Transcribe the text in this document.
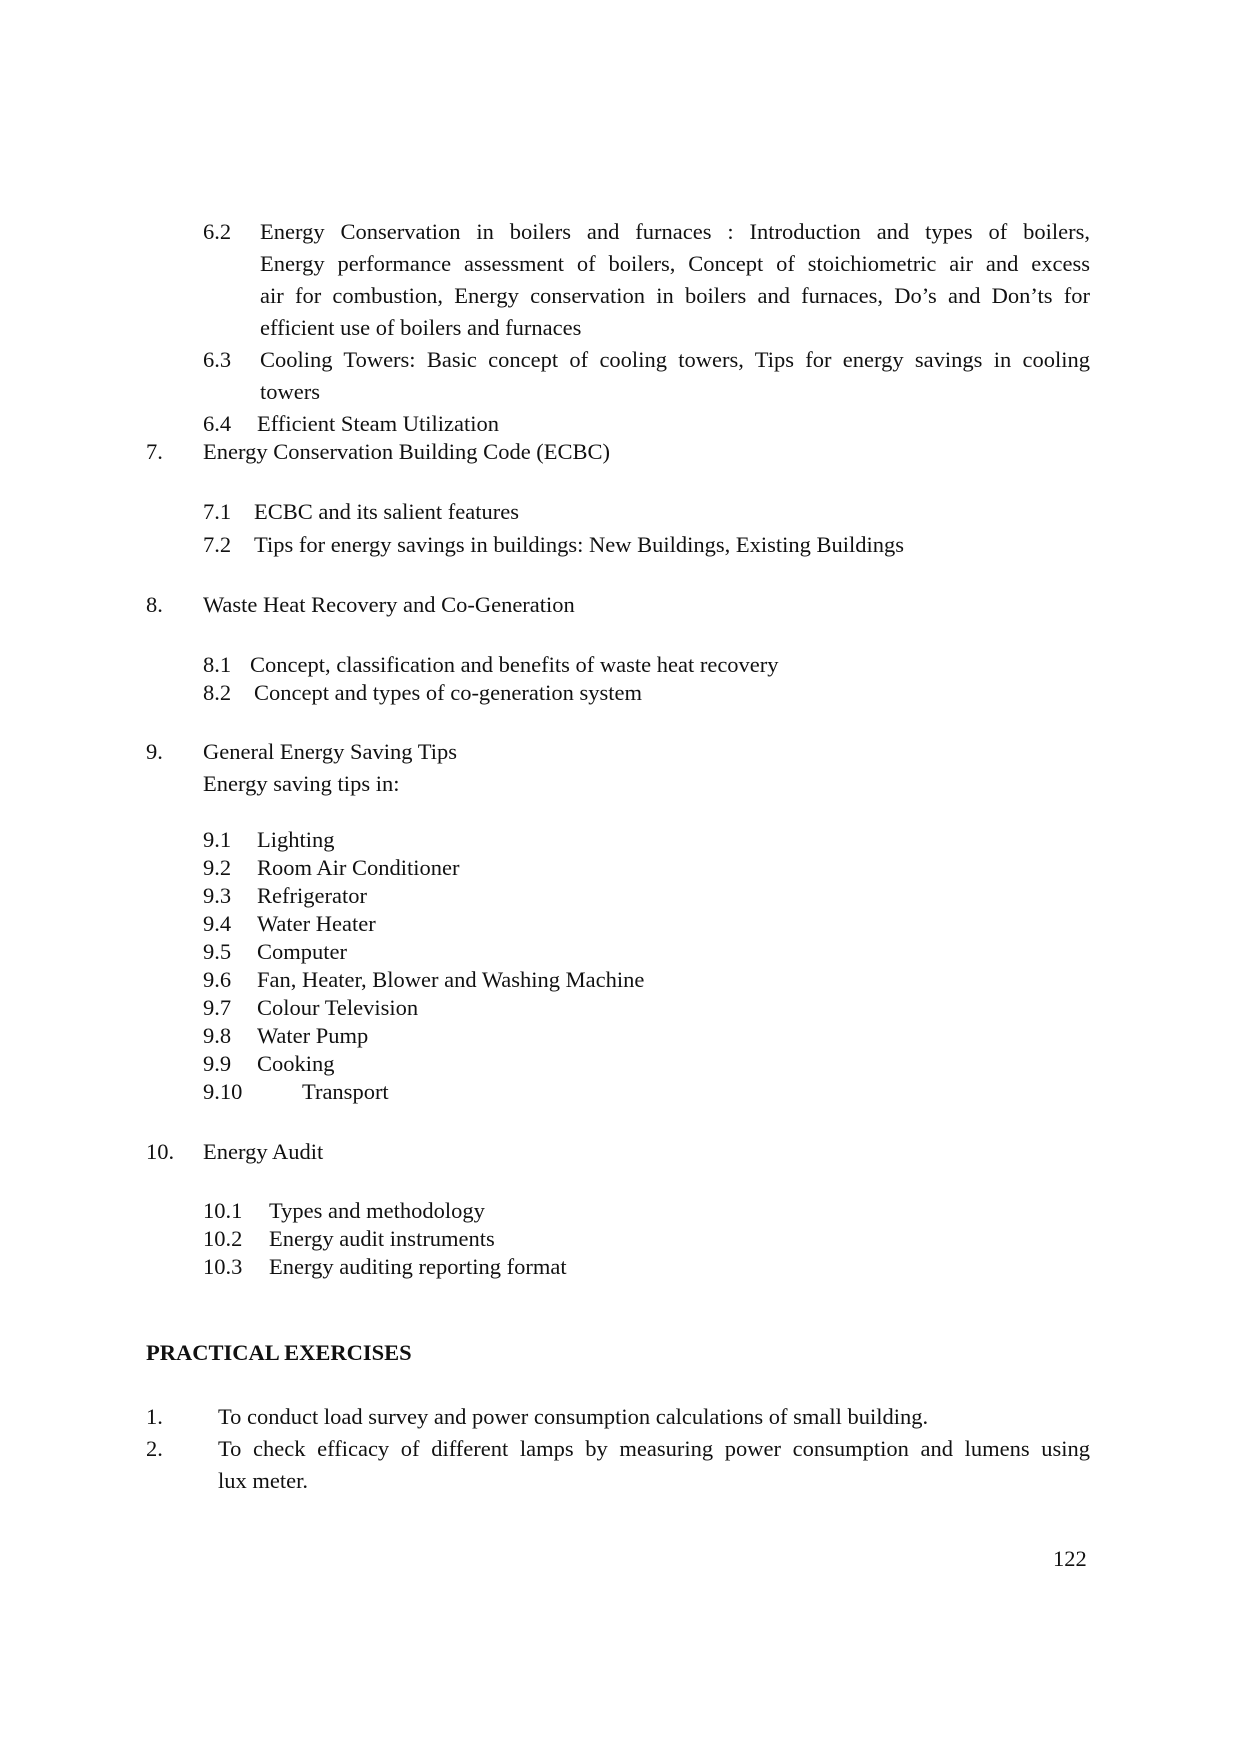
6.2 Energy Conservation in boilers and furnaces : Introduction and types of boilers,
Energy performance assessment of boilers, Concept of stoichiometric air and excess
air for combustion, Energy conservation in boilers and furnaces, Do’s and Don’ts for
efficient use of boilers and furnaces
6.3 Cooling Towers: Basic concept of cooling towers, Tips for energy savings in cooling
towers
6.4 Efficient Steam Utilization
7. Energy Conservation Building Code (ECBC)
7.1 ECBC and its salient features
7.2 Tips for energy savings in buildings: New Buildings, Existing Buildings
8. Waste Heat Recovery and Co-Generation
8.1 Concept, classification and benefits of waste heat recovery
8.2 Concept and types of co-generation system
9. General Energy Saving Tips
Energy saving tips in:
9.1 Lighting
9.2 Room Air Conditioner
9.3 Refrigerator
9.4 Water Heater
9.5 Computer
9.6 Fan, Heater, Blower and Washing Machine
9.7 Colour Television
9.8 Water Pump
9.9 Cooking
9.10	Transport
10. Energy Audit
10.1 Types and methodology
10.2 Energy audit instruments
10.3 Energy auditing reporting format
PRACTICAL EXERCISES
1. To conduct load survey and power consumption calculations of small building.
2. To check efficacy of different lamps by measuring power consumption and lumens using
lux meter.
122
